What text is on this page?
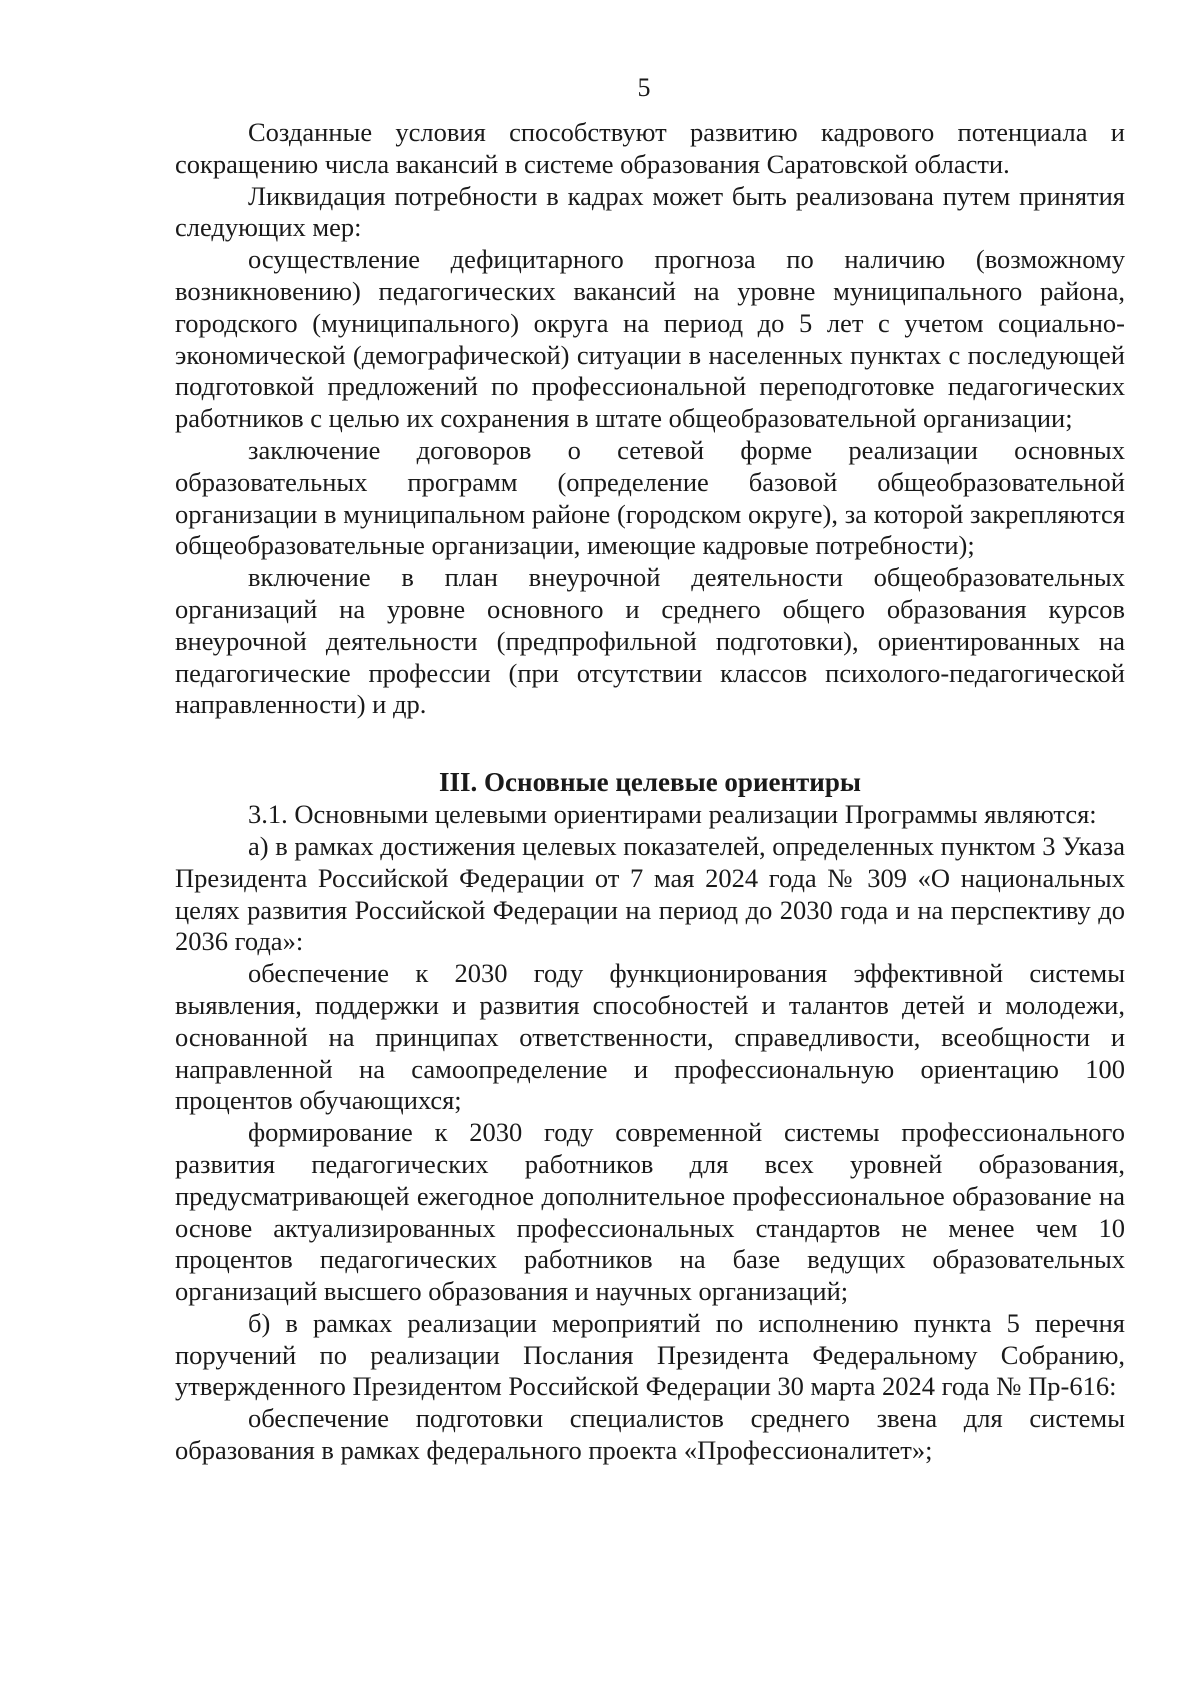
5

Созданные условия способствуют развитию кадрового потенциала и сокращению числа вакансий в системе образования Саратовской области.

Ликвидация потребности в кадрах может быть реализована путем принятия следующих мер:

осуществление дефицитарного прогноза по наличию (возможному возникновению) педагогических вакансий на уровне муниципального района, городского (муниципального) округа на период до 5 лет с учетом социально-экономической (демографической) ситуации в населенных пунктах с последующей подготовкой предложений по профессиональной переподготовке педагогических работников с целью их сохранения в штате общеобразовательной организации;

заключение договоров о сетевой форме реализации основных образовательных программ (определение базовой общеобразовательной организации в муниципальном районе (городском округе), за которой закрепляются общеобразовательные организации, имеющие кадровые потребности);

включение в план внеурочной деятельности общеобразовательных организаций на уровне основного и среднего общего образования курсов внеурочной деятельности (предпрофильной подготовки), ориентированных на педагогические профессии (при отсутствии классов психолого-педагогической направленности) и др.

III. Основные целевые ориентиры

3.1. Основными целевыми ориентирами реализации Программы являются:

а) в рамках достижения целевых показателей, определенных пунктом 3 Указа Президента Российской Федерации от 7 мая 2024 года № 309 «О национальных целях развития Российской Федерации на период до 2030 года и на перспективу до 2036 года»:

обеспечение к 2030 году функционирования эффективной системы выявления, поддержки и развития способностей и талантов детей и молодежи, основанной на принципах ответственности, справедливости, всеобщности и направленной на самоопределение и профессиональную ориентацию 100 процентов обучающихся;

формирование к 2030 году современной системы профессионального развития педагогических работников для всех уровней образования, предусматривающей ежегодное дополнительное профессиональное образование на основе актуализированных профессиональных стандартов не менее чем 10 процентов педагогических работников на базе ведущих образовательных организаций высшего образования и научных организаций;

б) в рамках реализации мероприятий по исполнению пункта 5 перечня поручений по реализации Послания Президента Федеральному Собранию, утвержденного Президентом Российской Федерации 30 марта 2024 года № Пр-616:

обеспечение подготовки специалистов среднего звена для системы образования в рамках федерального проекта «Профессионалитет»;
